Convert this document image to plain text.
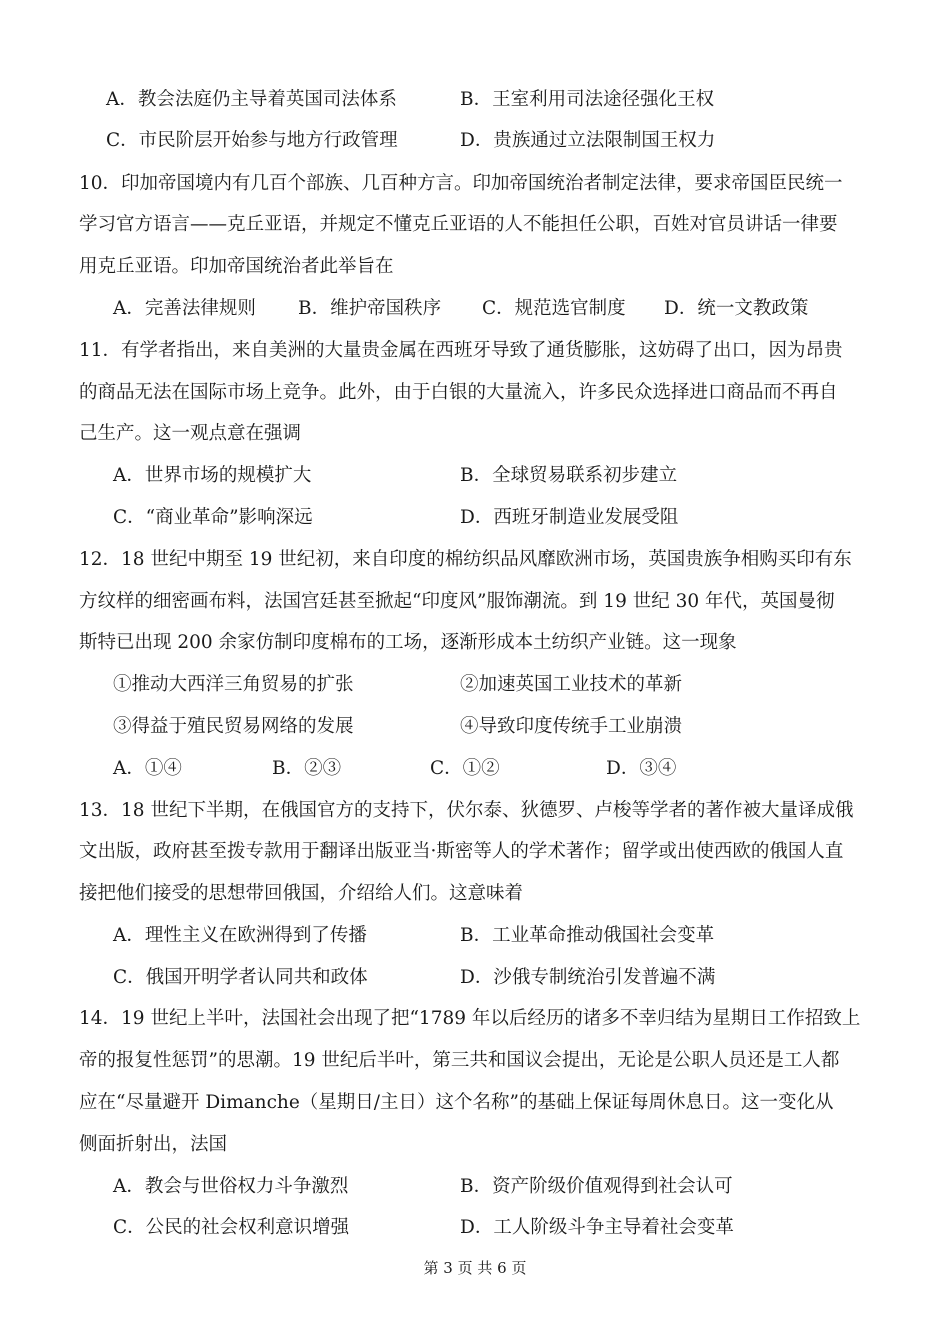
A．教会法庭仍主导着英国司法体系	B．王室利用司法途径强化王权
C．市民阶层开始参与地方行政管理	D．贵族通过立法限制国王权力
10．印加帝国境内有几百个部族、几百种方言。印加帝国统治者制定法律，要求帝国臣民统一
学习官方语言——克丘亚语，并规定不懂克丘亚语的人不能担任公职，百姓对官员讲话一律要
用克丘亚语。印加帝国统治者此举旨在
A．完善法律规则 B．维护帝国秩序 C．规范选官制度 D．统一文教政策
11．有学者指出，来自美洲的大量贵金属在西班牙导致了通货膨胀，这妨碍了出口，因为昂贵
的商品无法在国际市场上竞争。此外，由于白银的大量流入，许多民众选择进口商品而不再自
己生产。这一观点意在强调
A．世界市场的规模扩大	B．全球贸易联系初步建立
C．“商业革命”影响深远	D．西班牙制造业发展受阻
12．18 世纪中期至 19 世纪初，来自印度的棉纺织品风靡欧洲市场，英国贵族争相购买印有东
方纹样的细密画布料，法国宫廷甚至掀起“印度风”服饰潮流。到 19 世纪 30 年代，英国曼彻
斯特已出现 200 余家仿制印度棉布的工场，逐渐形成本土纺织产业链。这一现象
①推动大西洋三角贸易的扩张	②加速英国工业技术的革新
③得益于殖民贸易网络的发展	④导致印度传统手工业崩溃
A．①④	B．②③	C．①②	D．③④
13．18 世纪下半期，在俄国官方的支持下，伏尔泰、狄德罗、卢梭等学者的著作被大量译成俄
文出版，政府甚至拨专款用于翻译出版亚当·斯密等人的学术著作；留学或出使西欧的俄国人直
接把他们接受的思想带回俄国，介绍给人们。这意味着
A．理性主义在欧洲得到了传播	B．工业革命推动俄国社会变革
C．俄国开明学者认同共和政体	D．沙俄专制统治引发普遍不满
14．19 世纪上半叶，法国社会出现了把“1789 年以后经历的诸多不幸归结为星期日工作招致上
帝的报复性惩罚”的思潮。19 世纪后半叶，第三共和国议会提出，无论是公职人员还是工人都
应在“尽量避开 Dimanche（星期日/主日）这个名称”的基础上保证每周休息日。这一变化从
侧面折射出，法国
A．教会与世俗权力斗争激烈	B．资产阶级价值观得到社会认可
C．公民的社会权利意识增强	D．工人阶级斗争主导着社会变革
第 3 页 共 6 页
